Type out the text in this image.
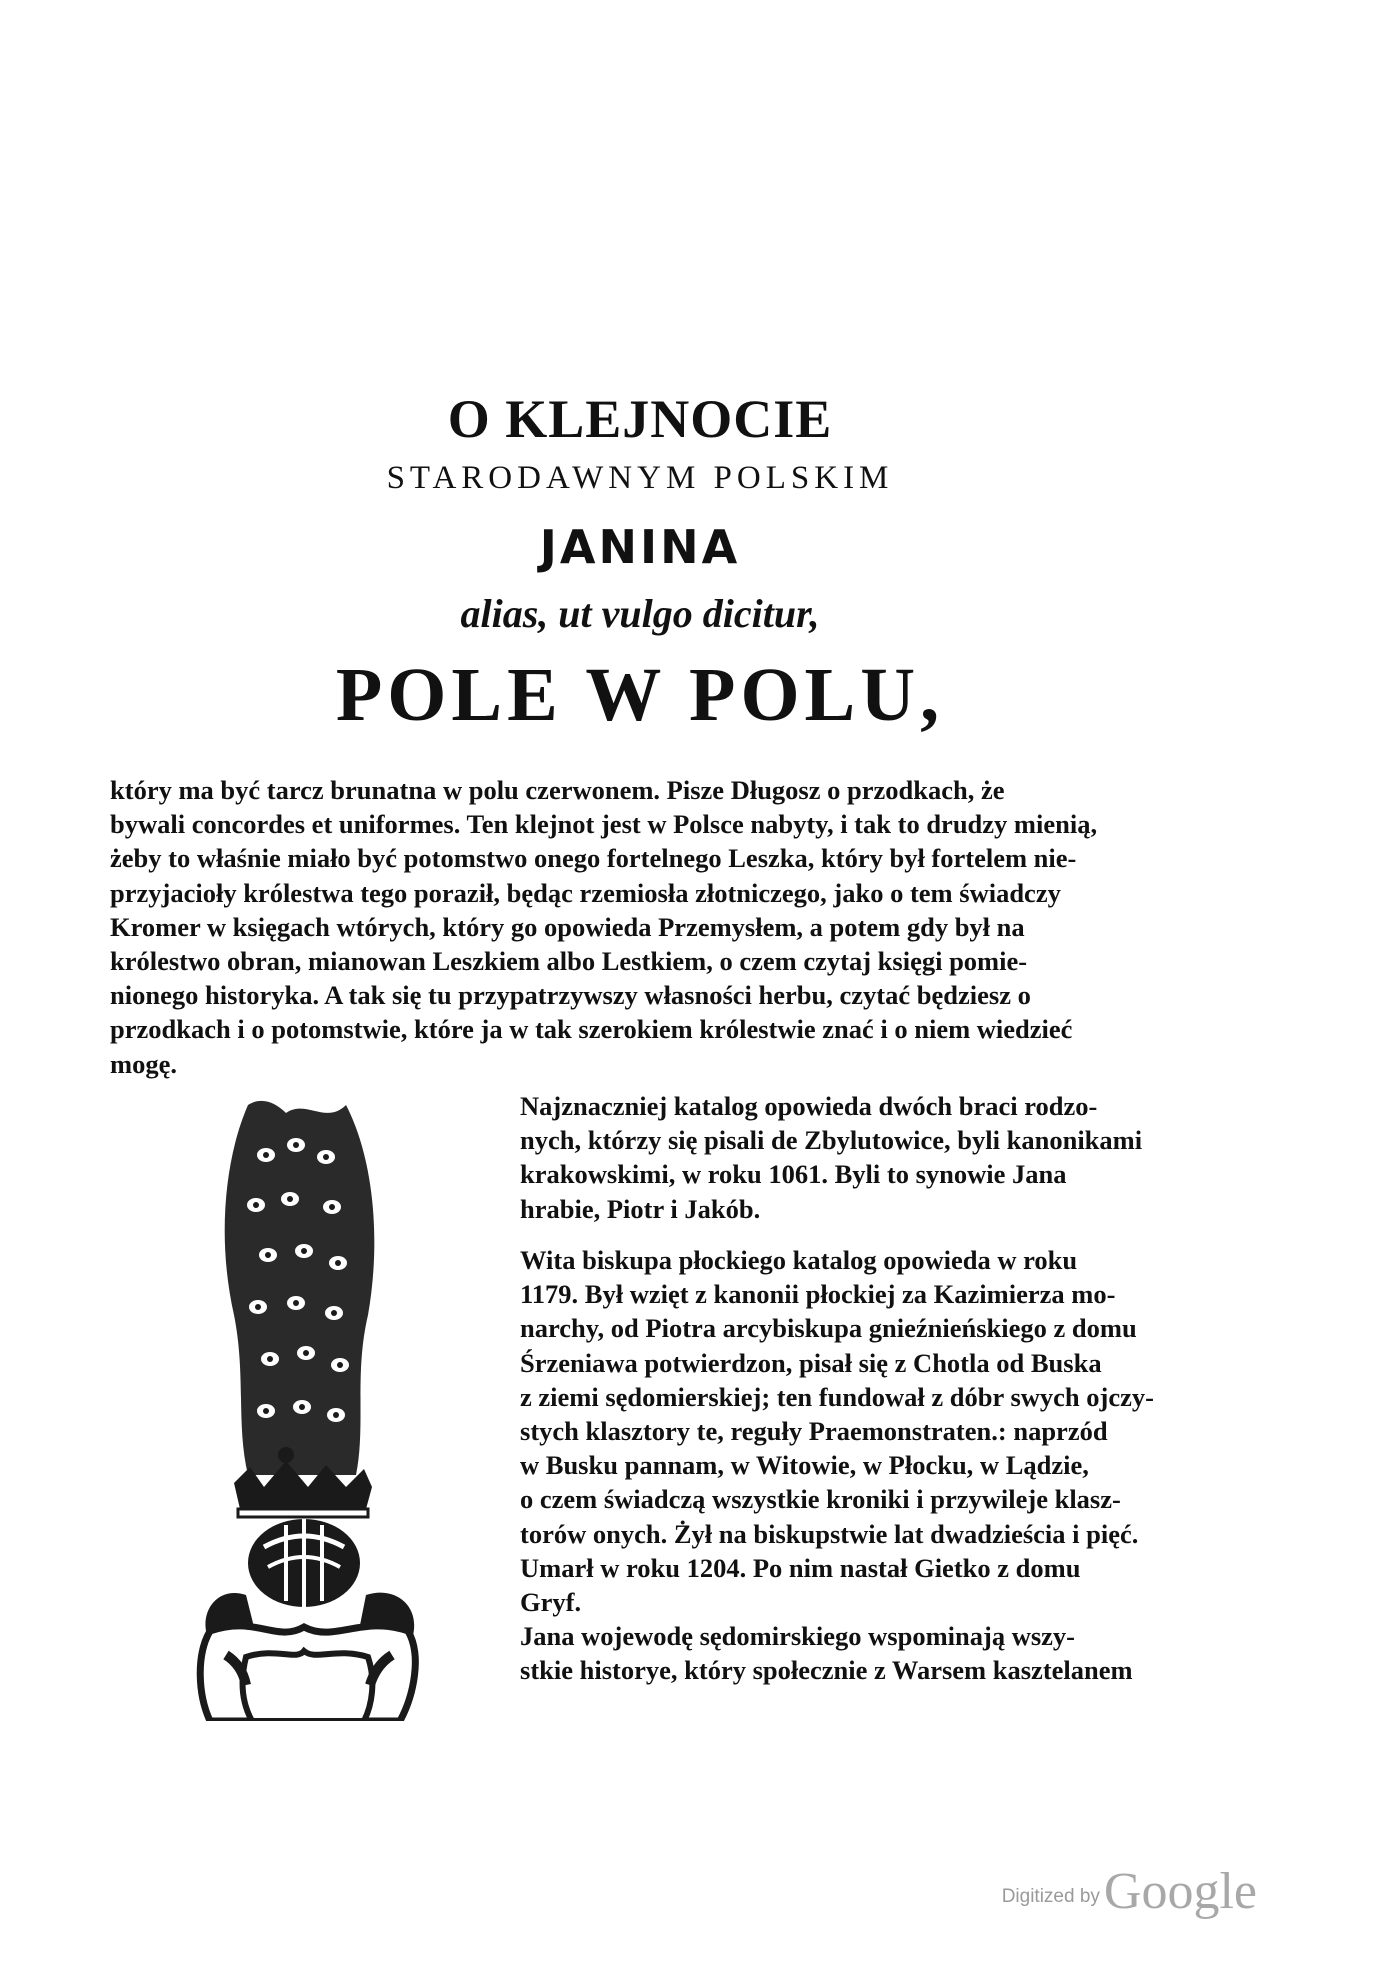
O KLEJNOCIE
STARODAWNYM POLSKIM
JANINA
alias, ut vulgo dicitur,
POLE W POLU,
który ma być tarcz brunatna w polu czerwonem. Pisze Długosz o przodkach, że
bywali concordes et uniformes. Ten klejnot jest w Polsce nabyty, i tak to drudzy mienią,
żeby to właśnie miało być potomstwo onego fortelnego Leszka, który był fortelem nie-
przyjacioły królestwa tego poraził, będąc rzemiosła złotniczego, jako o tem świadczy
Kromer w księgach wtórych, który go opowieda Przemysłem, a potem gdy był na
królestwo obran, mianowan Leszkiem albo Lestkiem, o czem czytaj księgi pomie-
nionego historyka. A tak się tu przypatrzywszy własności herbu, czytać będziesz o
przodkach i o potomstwie, które ja w tak szerokiem królestwie znać i o niem wiedzieć
mogę.
Najznaczniej katalog opowieda dwóch braci rodzo-
nych, którzy się pisali de Zbylutowice, byli kanonikami
krakowskimi, w roku 1061. Byli to synowie Jana
hrabie, Piotr i Jakób.
Wita biskupa płockiego katalog opowieda w roku
1179. Był wzięt z kanonii płockiej za Kazimierza mo-
narchy, od Piotra arcybiskupa gnieźnieńskiego z domu
Śrzeniawa potwierdzon, pisał się z Chotla od Buska
z ziemi sędomierskiej; ten fundował z dóbr swych ojczy-
stych klasztory te, reguły Praemonstraten.: naprzód
w Busku pannam, w Witowie, w Płocku, w Lądzie,
o czem świadczą wszystkie kroniki i przywileje klasz-
torów onych. Żył na biskupstwie lat dwadzieścia i pięć.
Umarł w roku 1204. Po nim nastał Gietko z domu
Gryf.
Jana wojewodę sędomirskiego wspominają wszy-
stkie historye, który społecznie z Warsem kasztelanem
Digitized byGoogle
